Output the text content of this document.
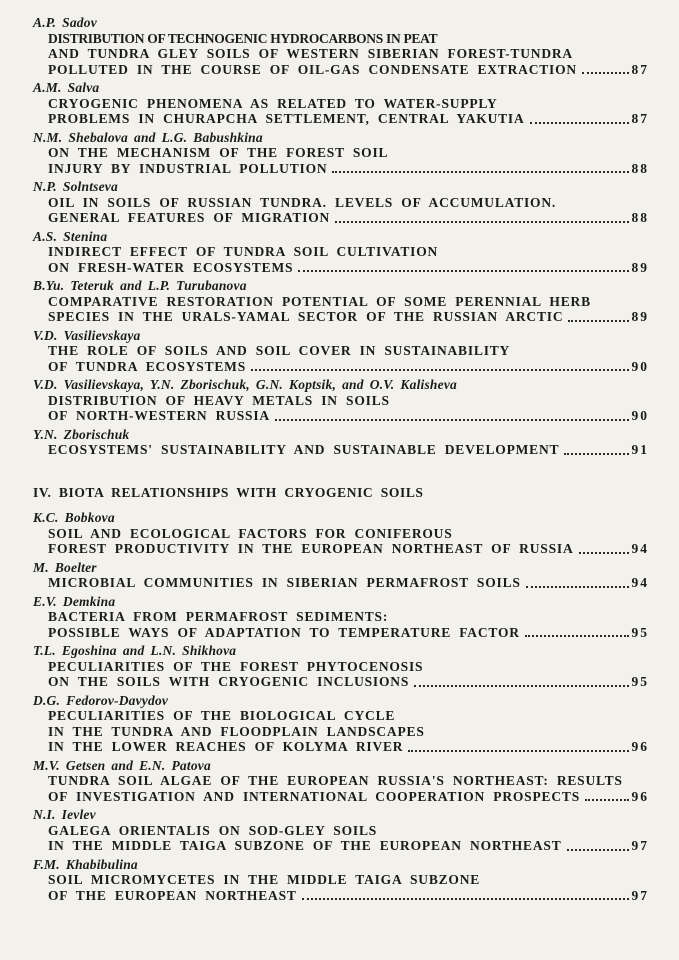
A.P. Sadov
DISTRIBUTION OF TECHNOGENIC HYDROCARBONS IN PEAT
AND TUNDRA GLEY SOILS OF WESTERN SIBERIAN FOREST-TUNDRA
POLLUTED IN THE COURSE OF OIL-GAS CONDENSATE EXTRACTION	87
A.M. Salva
CRYOGENIC PHENOMENA AS RELATED TO WATER-SUPPLY
PROBLEMS IN CHURAPCHA SETTLEMENT, CENTRAL YAKUTIA	87
N.M. Shebalova and L.G. Babushkina
ON THE MECHANISM OF THE FOREST SOIL
INJURY BY INDUSTRIAL POLLUTION	88
N.P. Solntseva
OIL IN SOILS OF RUSSIAN TUNDRA. LEVELS OF ACCUMULATION.
GENERAL FEATURES OF MIGRATION	88
A.S. Stenina
INDIRECT EFFECT OF TUNDRA SOIL CULTIVATION
ON FRESH-WATER ECOSYSTEMS	89
B.Yu. Teteruk and L.P. Turubanova
COMPARATIVE RESTORATION POTENTIAL OF SOME PERENNIAL HERB
SPECIES IN THE URALS-YAMAL SECTOR OF THE RUSSIAN ARCTIC	89
V.D. Vasilievskaya
THE ROLE OF SOILS AND SOIL COVER IN SUSTAINABILITY
OF TUNDRA ECOSYSTEMS	90
V.D. Vasilievskaya, Y.N. Zborischuk, G.N. Koptsik, and O.V. Kalisheva
DISTRIBUTION OF HEAVY METALS IN SOILS
OF NORTH-WESTERN RUSSIA	90
Y.N. Zborischuk
ECOSYSTEMS' SUSTAINABILITY AND SUSTAINABLE DEVELOPMENT	91
IV. BIOTA RELATIONSHIPS WITH CRYOGENIC SOILS
K.C. Bobkova
SOIL AND ECOLOGICAL FACTORS FOR CONIFEROUS
FOREST PRODUCTIVITY IN THE EUROPEAN NORTHEAST OF RUSSIA	94
M. Boelter
MICROBIAL COMMUNITIES IN SIBERIAN PERMAFROST SOILS	94
E.V. Demkina
BACTERIA FROM PERMAFROST SEDIMENTS:
POSSIBLE WAYS OF ADAPTATION TO TEMPERATURE FACTOR	95
T.L. Egoshina and L.N. Shikhova
PECULIARITIES OF THE FOREST PHYTOCENOSIS
ON THE SOILS WITH CRYOGENIC INCLUSIONS	95
D.G. Fedorov-Davydov
PECULIARITIES OF THE BIOLOGICAL CYCLE
IN THE TUNDRA AND FLOODPLAIN LANDSCAPES
IN THE LOWER REACHES OF KOLYMA RIVER	96
M.V. Getsen and E.N. Patova
TUNDRA SOIL ALGAE OF THE EUROPEAN RUSSIA'S NORTHEAST: RESULTS
OF INVESTIGATION AND INTERNATIONAL COOPERATION PROSPECTS	96
N.I. Ievlev
GALEGA ORIENTALIS ON SOD-GLEY SOILS
IN THE MIDDLE TAIGA SUBZONE OF THE EUROPEAN NORTHEAST	97
F.M. Khabibulina
SOIL MICROMYCETES IN THE MIDDLE TAIGA SUBZONE
OF THE EUROPEAN NORTHEAST	97
